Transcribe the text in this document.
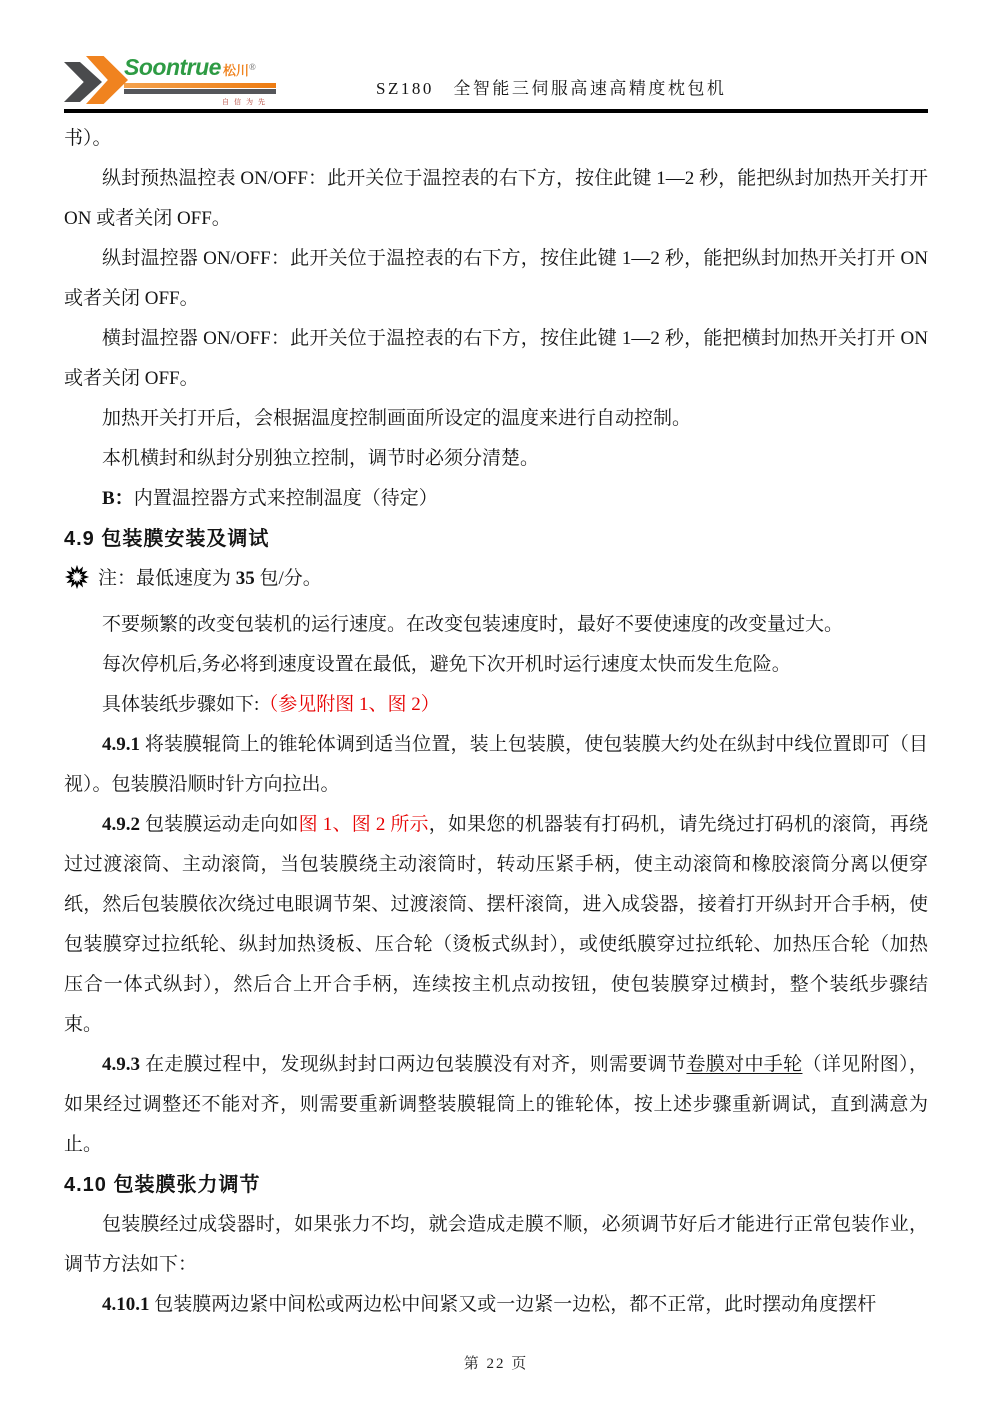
Soontrue 松川®
自信为先
SZ180　全智能三伺服高速高精度枕包机

书）。

纵封预热温控表 ON/OFF：此开关位于温控表的右下方，按住此键 1—2 秒，能把纵封加热开关打开 ON 或者关闭 OFF。

纵封温控器 ON/OFF：此开关位于温控表的右下方，按住此键 1—2 秒，能把纵封加热开关打开 ON 或者关闭 OFF。

横封温控器 ON/OFF：此开关位于温控表的右下方，按住此键 1—2 秒，能把横封加热开关打开 ON 或者关闭 OFF。

加热开关打开后，会根据温度控制画面所设定的温度来进行自动控制。

本机横封和纵封分别独立控制，调节时必须分清楚。

B：内置温控器方式来控制温度（待定）

4.9 包装膜安装及调试

注：最低速度为 35 包/分。

不要频繁的改变包装机的运行速度。在改变包装速度时，最好不要使速度的改变量过大。

每次停机后,务必将到速度设置在最低，避免下次开机时运行速度太快而发生危险。

具体装纸步骤如下:（参见附图 1、图 2）

4.9.1 将装膜辊筒上的锥轮体调到适当位置，装上包装膜，使包装膜大约处在纵封中线位置即可（目视）。包装膜沿顺时针方向拉出。

4.9.2 包装膜运动走向如图 1、图 2 所示，如果您的机器装有打码机，请先绕过打码机的滚筒，再绕过过渡滚筒、主动滚筒，当包装膜绕主动滚筒时，转动压紧手柄，使主动滚筒和橡胶滚筒分离以便穿纸，然后包装膜依次绕过电眼调节架、过渡滚筒、摆杆滚筒，进入成袋器，接着打开纵封开合手柄，使包装膜穿过拉纸轮、纵封加热烫板、压合轮（烫板式纵封），或使纸膜穿过拉纸轮、加热压合轮（加热压合一体式纵封），然后合上开合手柄，连续按主机点动按钮，使包装膜穿过横封，整个装纸步骤结束。

4.9.3 在走膜过程中，发现纵封封口两边包装膜没有对齐，则需要调节卷膜对中手轮（详见附图），如果经过调整还不能对齐，则需要重新调整装膜辊筒上的锥轮体，按上述步骤重新调试，直到满意为止。

4.10 包装膜张力调节

包装膜经过成袋器时，如果张力不均，就会造成走膜不顺，必须调节好后才能进行正常包装作业，调节方法如下：

4.10.1 包装膜两边紧中间松或两边松中间紧又或一边紧一边松，都不正常，此时摆动角度摆杆

第 22 页
